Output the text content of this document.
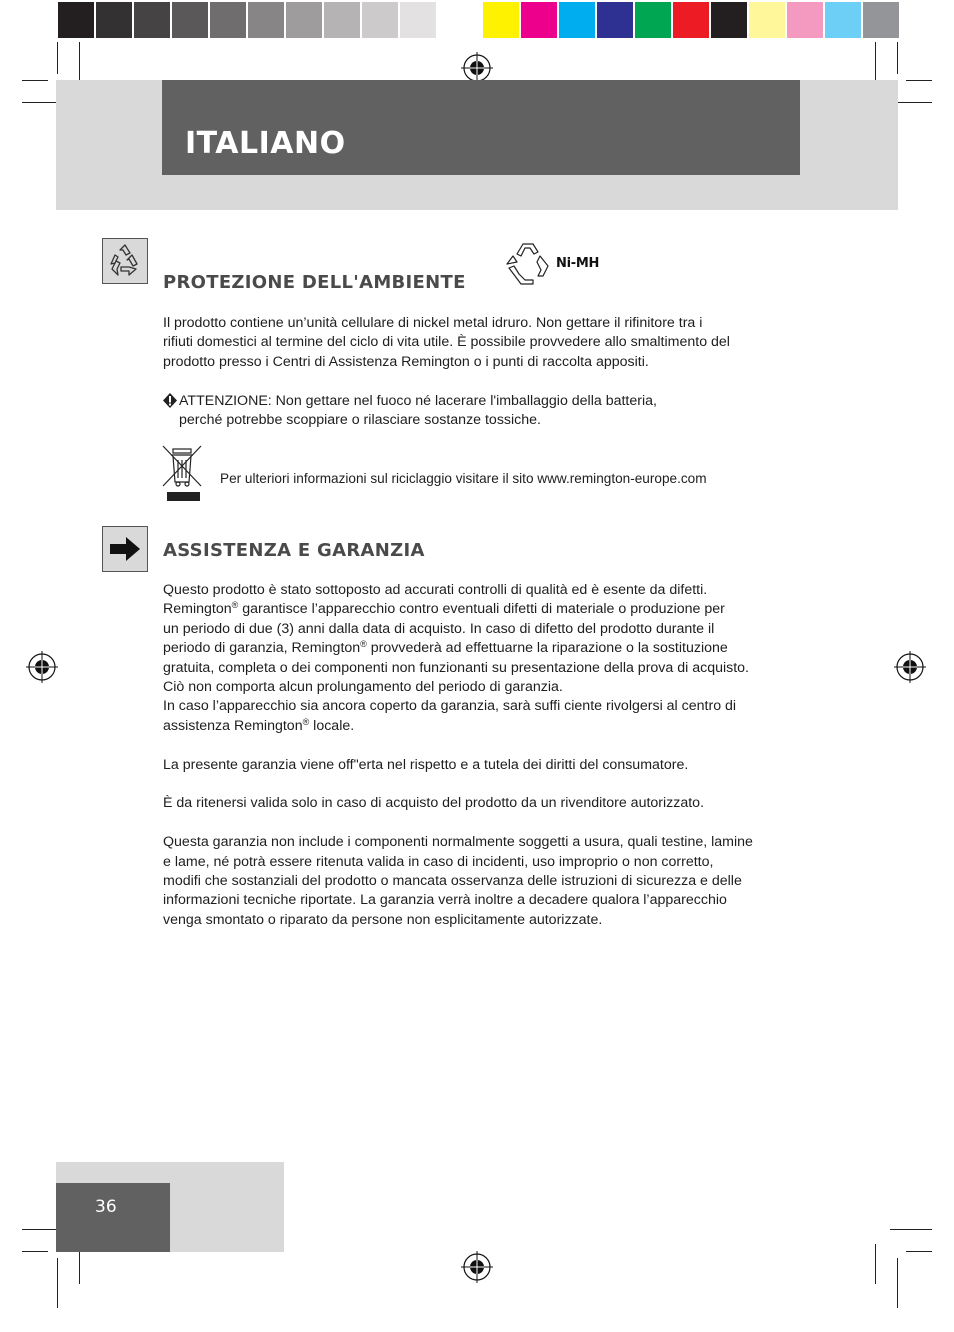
ITALIANO
PROTEZIONE DELL'AMBIENTE
Ni-MH

Il prodotto contiene un’unità cellulare di nickel metal idruro. Non gettare il rifinitore tra i

rifiuti domestici al termine del ciclo di vita utile. È possibile provvedere allo smaltimento del

prodotto presso i Centri di Assistenza Remington o i punti di raccolta appositi.

ATTENZIONE: Non gettare nel fuoco né lacerare l'imballaggio della batteria,

perché potrebbe scoppiare o rilasciare sostanze tossiche.

Per ulteriori informazioni sul riciclaggio visitare il sito www.remington-europe.com
ASSISTENZA E GARANZIA

Questo prodotto è stato sottoposto ad accurati controlli di qualità ed è esente da difetti.

Remington® garantisce l’apparecchio contro eventuali difetti di materiale o produzione per

un periodo di due (3) anni dalla data di acquisto. In caso di difetto del prodotto durante il

periodo di garanzia, Remington® provvederà ad effettuarne la riparazione o la sostituzione

gratuita, completa o dei componenti non funzionanti su presentazione della prova di acquisto.

Ciò non comporta alcun prolungamento del periodo di garanzia.

In caso l’apparecchio sia ancora coperto da garanzia, sarà suffi ciente rivolgersi al centro di

assistenza Remington® locale.

La presente garanzia viene off"erta nel rispetto e a tutela dei diritti del consumatore.

È da ritenersi valida solo in caso di acquisto del prodotto da un rivenditore autorizzato.

Questa garanzia non include i componenti normalmente soggetti a usura, quali testine, lamine

e lame, né potrà essere ritenuta valida in caso di incidenti, uso improprio o non corretto,

modifi che sostanziali del prodotto o mancata osservanza delle istruzioni di sicurezza e delle

informazioni tecniche riportate. La garanzia verrà inoltre a decadere qualora l’apparecchio

venga smontato o riparato da persone non esplicitamente autorizzate.

36
